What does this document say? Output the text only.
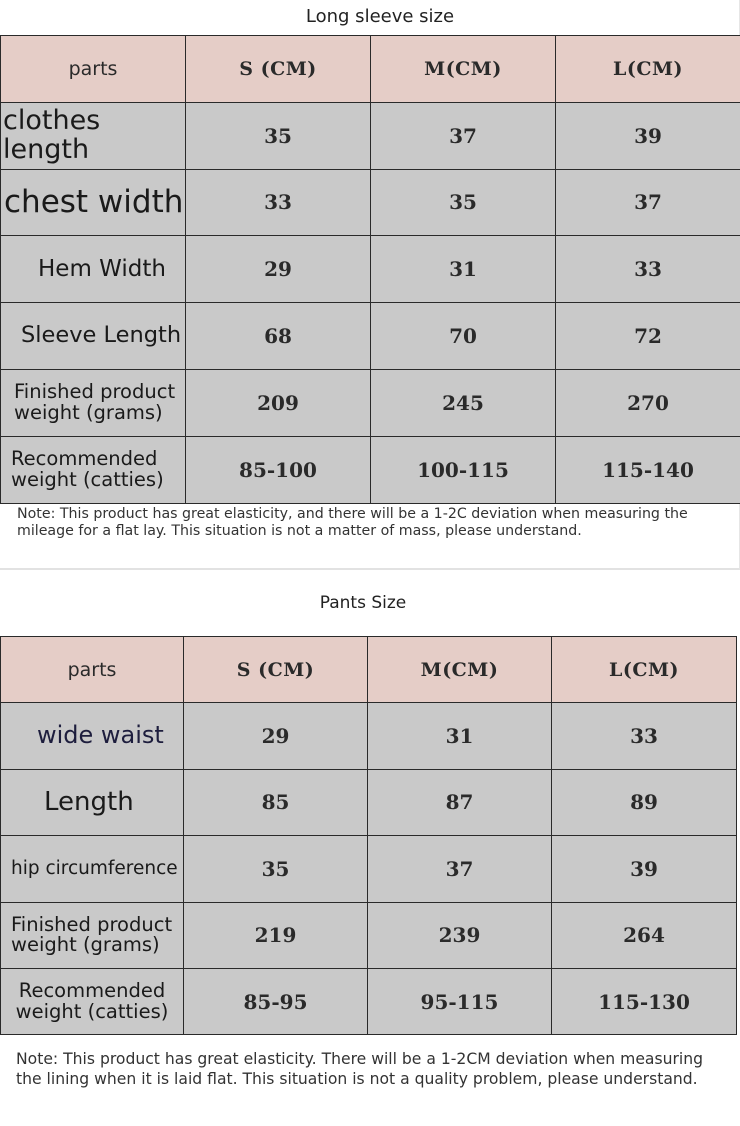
Long sleeve size
parts	S (CM)	M(CM)	L(CM)

clothes length	35	37	39

chest width	33	35	37

Hem Width	29	31	33

Sleeve Length	68	70	72

Finished product weight (grams)	209	245	270

Recommended weight (catties)	85-100	100-115	115-140
Note: This product has great elasticity, and there will be a 1-2C deviation when measuring the mileage for a flat lay. This situation is not a matter of mass, please understand.
Pants Size
parts	S (CM)	M(CM)	L(CM)

wide waist	29	31	33

Length	85	87	89

hip circumference	35	37	39

Finished product weight (grams)	219	239	264

Recommended weight (catties)	85-95	95-115	115-130
Note: This product has great elasticity. There will be a 1-2CM deviation when measuring the lining when it is laid flat. This situation is not a quality problem, please understand.
